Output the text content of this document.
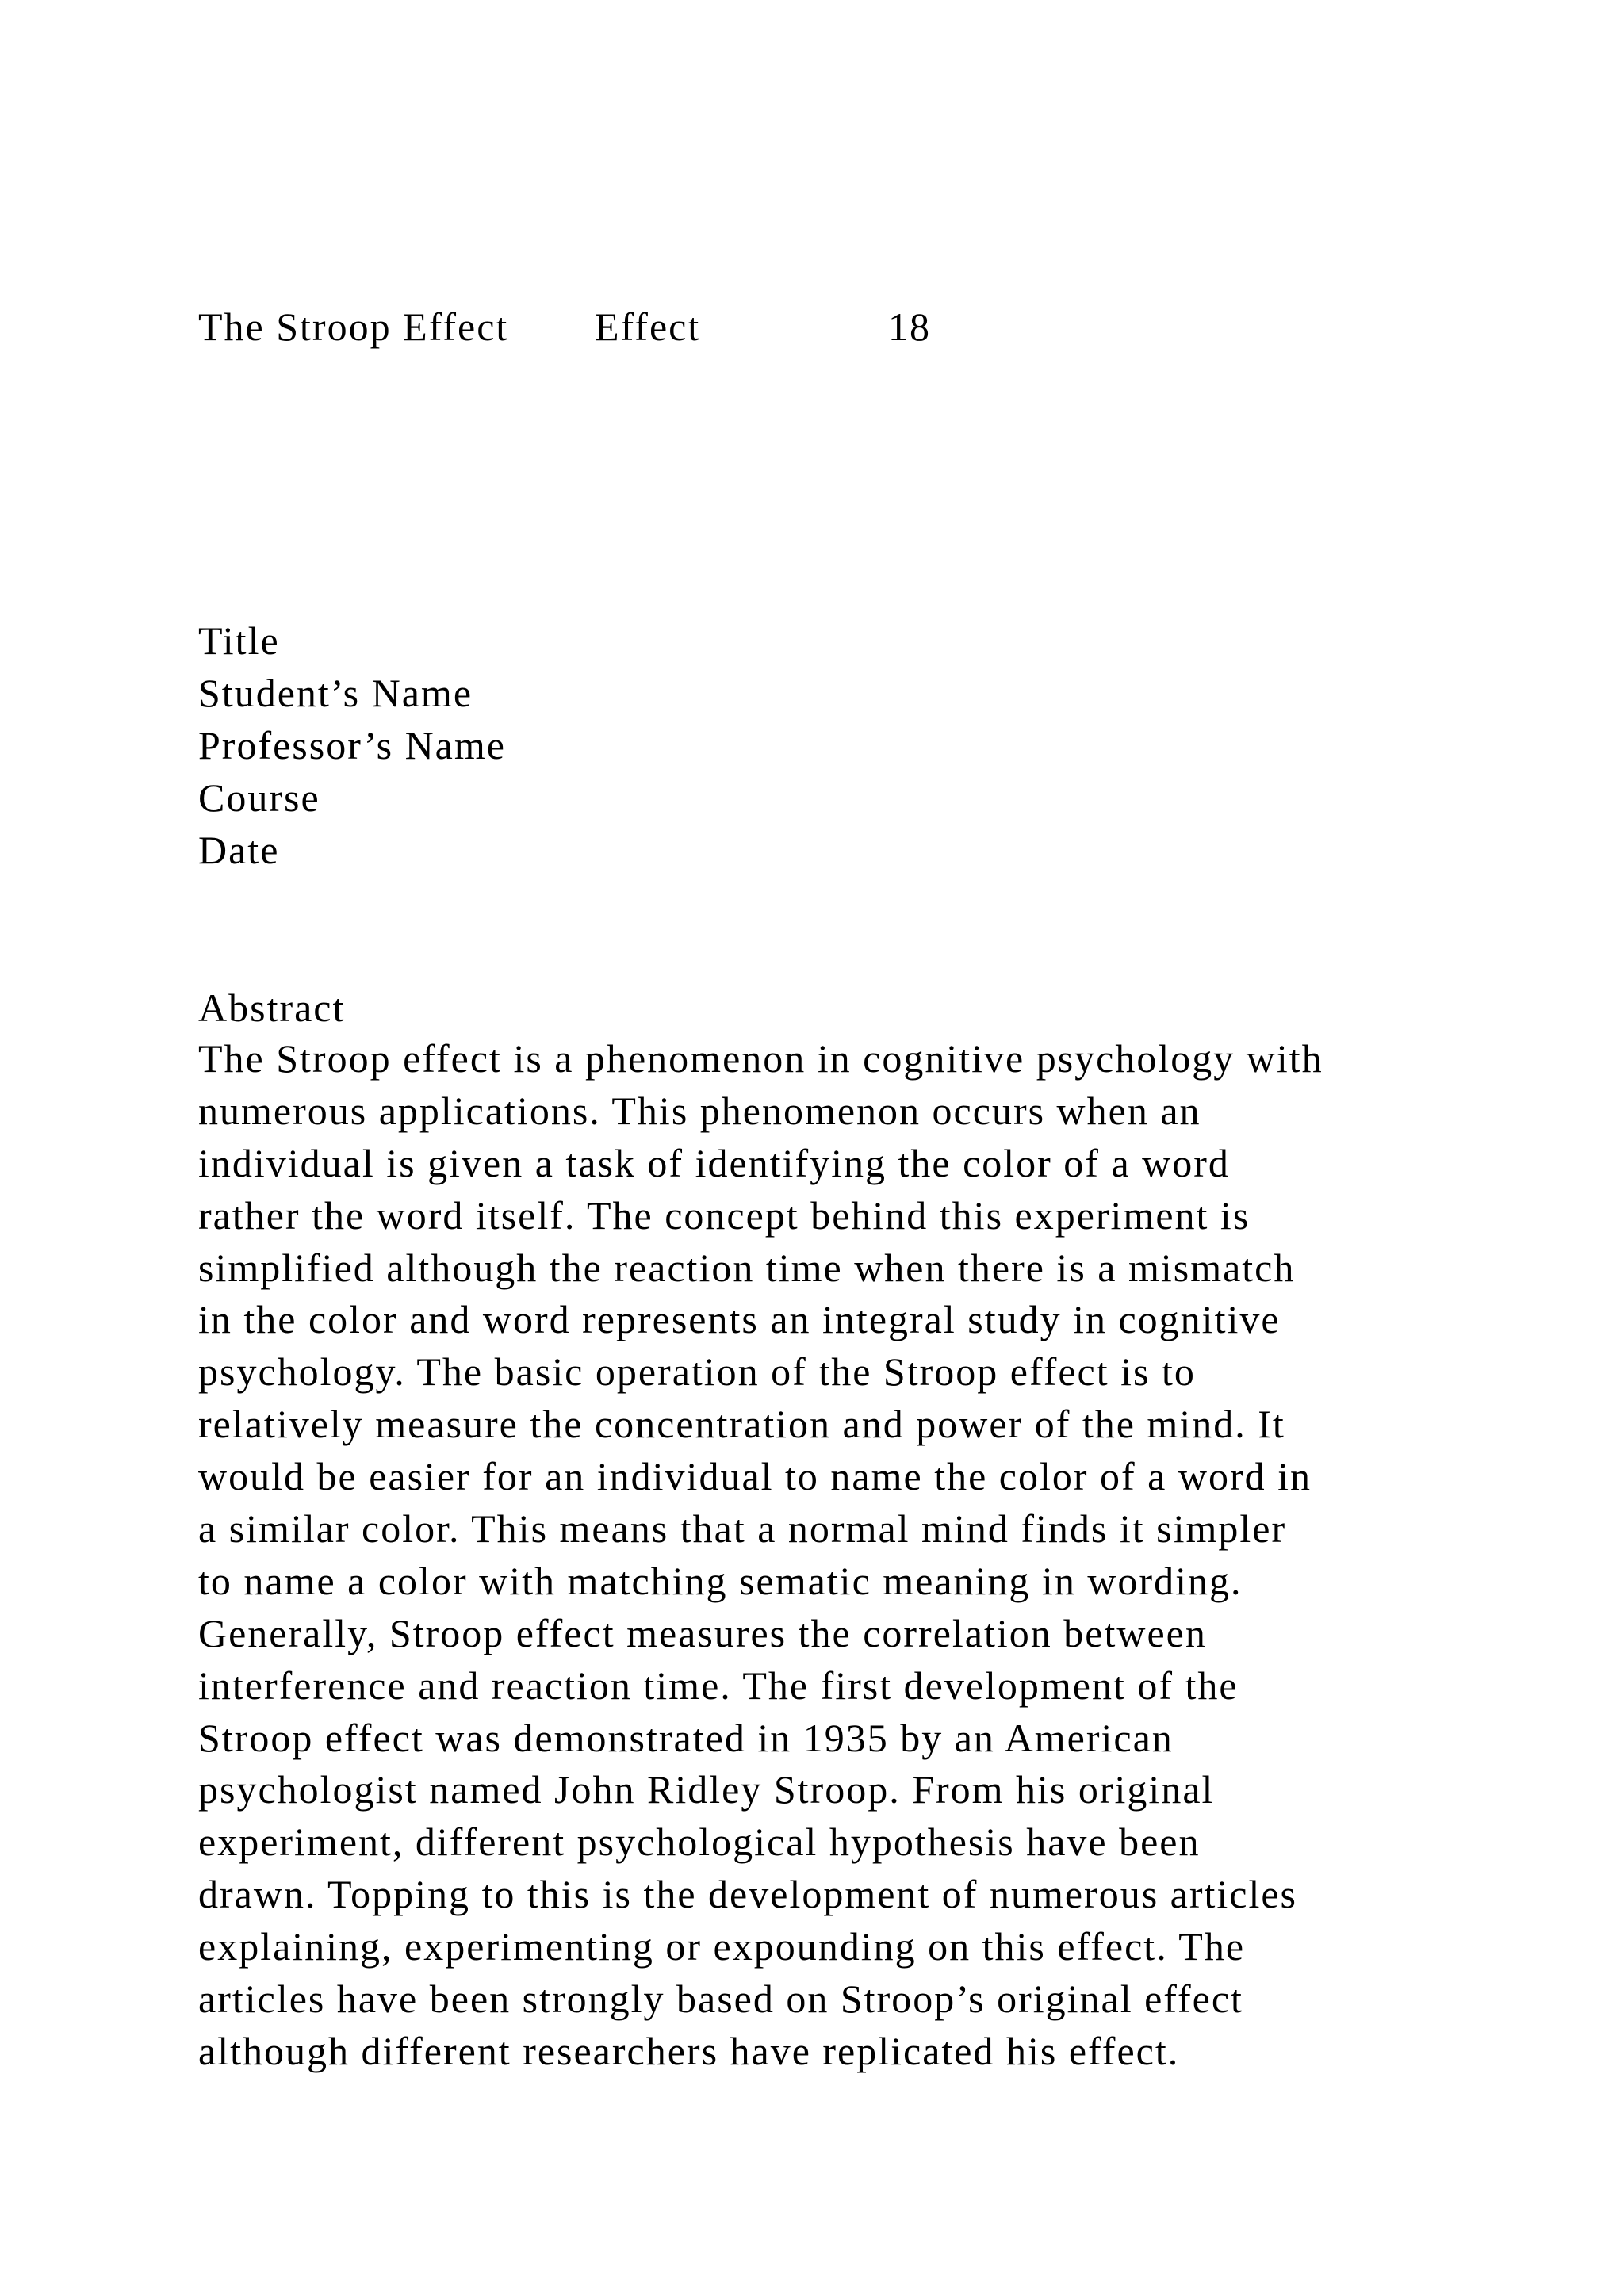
The Stroop Effect Effect	18
Title
Student’s Name
Professor’s Name
Course
Date
Abstract
The Stroop effect is a phenomenon in cognitive psychology with
numerous applications. This phenomenon occurs when an
individual is given a task of identifying the color of a word
rather the word itself. The concept behind this experiment is
simplified although the reaction time when there is a mismatch
in the color and word represents an integral study in cognitive
psychology. The basic operation of the Stroop effect is to
relatively measure the concentration and power of the mind. It
would be easier for an individual to name the color of a word in
a similar color. This means that a normal mind finds it simpler
to name a color with matching sematic meaning in wording.
Generally, Stroop effect measures the correlation between
interference and reaction time. The first development of the
Stroop effect was demonstrated in 1935 by an American
psychologist named John Ridley Stroop. From his original
experiment, different psychological hypothesis have been
drawn. Topping to this is the development of numerous articles
explaining, experimenting or expounding on this effect. The
articles have been strongly based on Stroop’s original effect
although different researchers have replicated his effect.
